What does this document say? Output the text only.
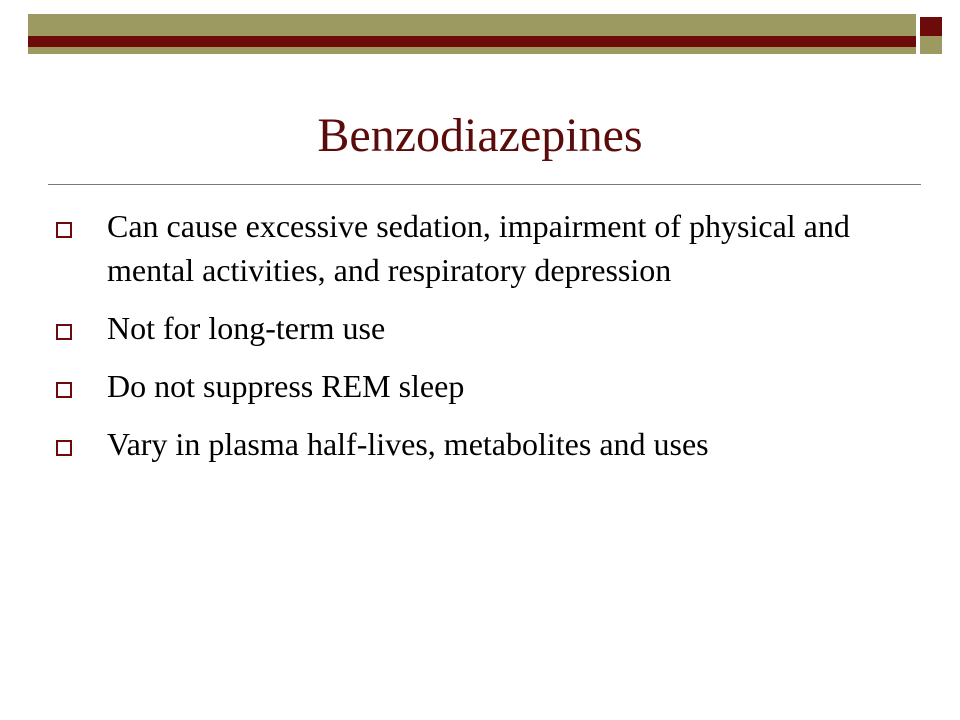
Benzodiazepines
Can cause excessive sedation, impairment of physical and mental activities, and respiratory depression
Not for long-term use
Do not suppress REM sleep
Vary in plasma half-lives, metabolites and uses
